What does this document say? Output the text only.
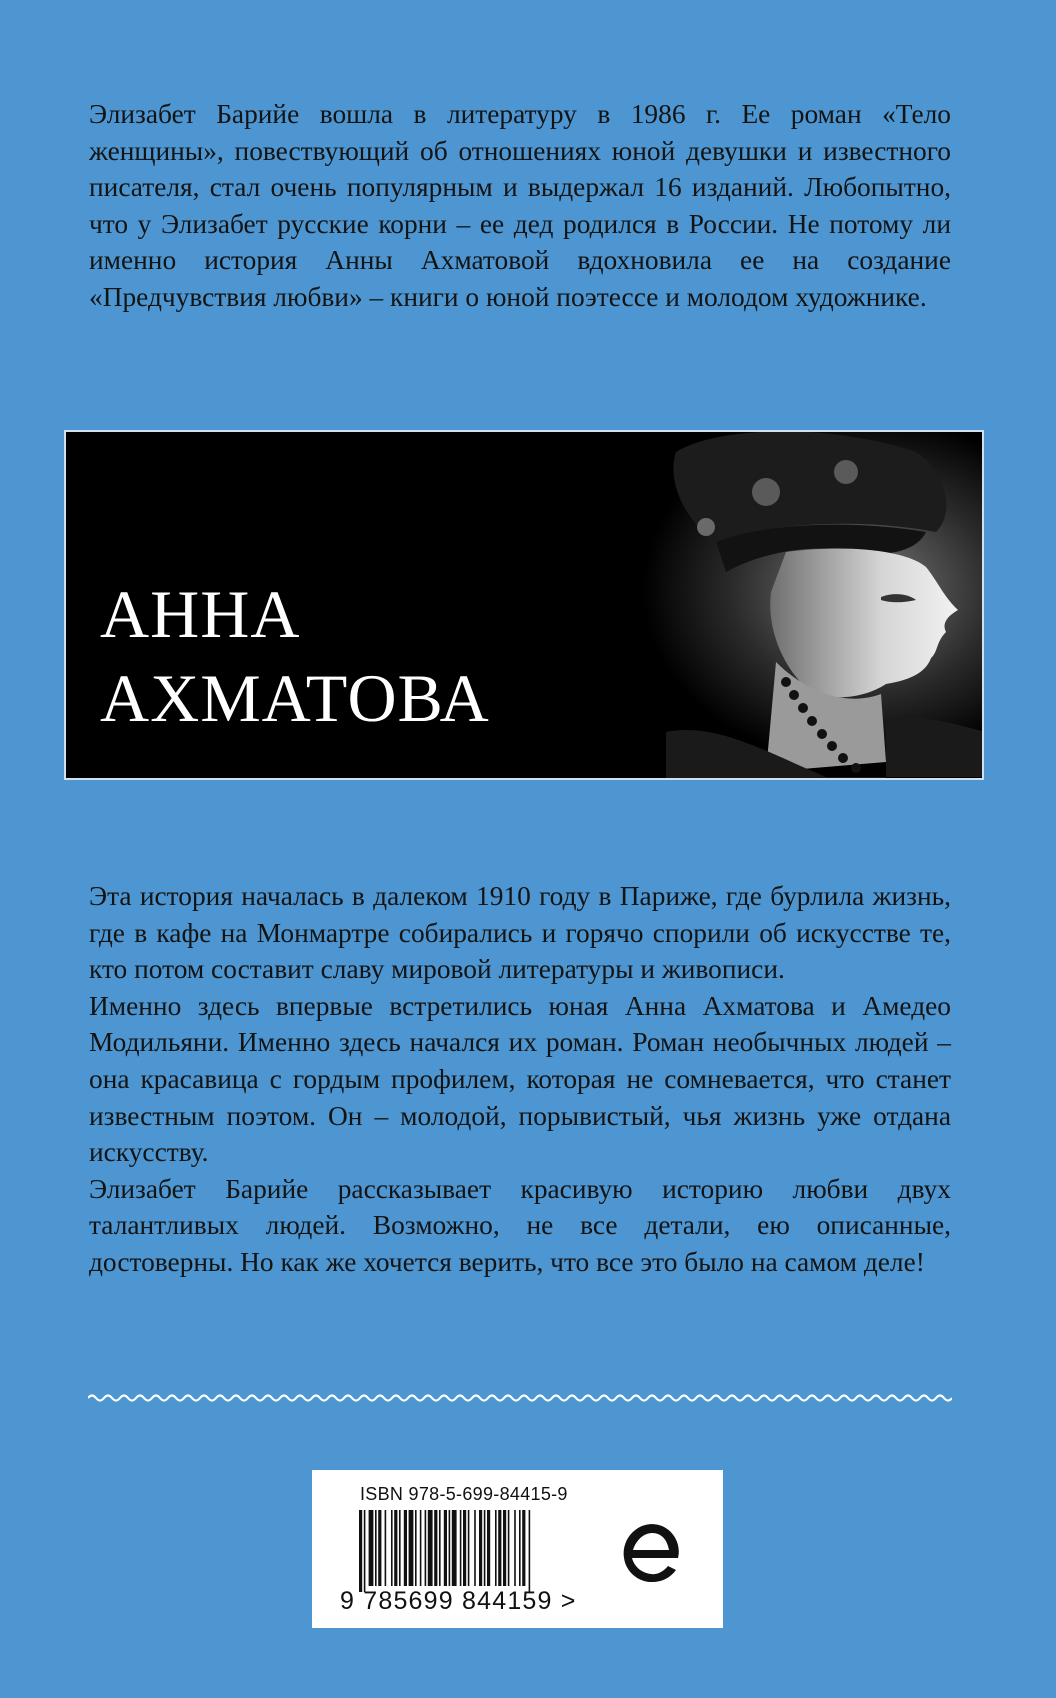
Элизабет Барийе вошла в литературу в 1986 г. Ее роман «Тело женщины», повествующий об отношениях юной девушки и известного писателя, стал очень популярным и выдержал 16 изданий. Любопытно, что у Элизабет русские корни – ее дед родился в России. Не потому ли именно история Анны Ахматовой вдохновила ее на создание «Предчувствия любви» – книги о юной поэтессе и молодом художнике.

АННА
АХМАТОВА

Эта история началась в далеком 1910 году в Париже, где бурлила жизнь, где в кафе на Монмартре собирались и горячо спорили об искусстве те, кто потом составит славу мировой литературы и живописи.

Именно здесь впервые встретились юная Анна Ахматова и Амедео Модильяни. Именно здесь начался их роман. Роман необычных людей – она красавица с гордым профилем, которая не сомневается, что станет известным поэтом. Он – молодой, порывистый, чья жизнь уже отдана искусству.

Элизабет Барийе рассказывает красивую историю любви двух талантливых людей. Возможно, не все детали, ею описанные, достоверны. Но как же хочется верить, что все это было на самом деле!

ISBN 978-5-699-84415-9
9 785699 844159 >
